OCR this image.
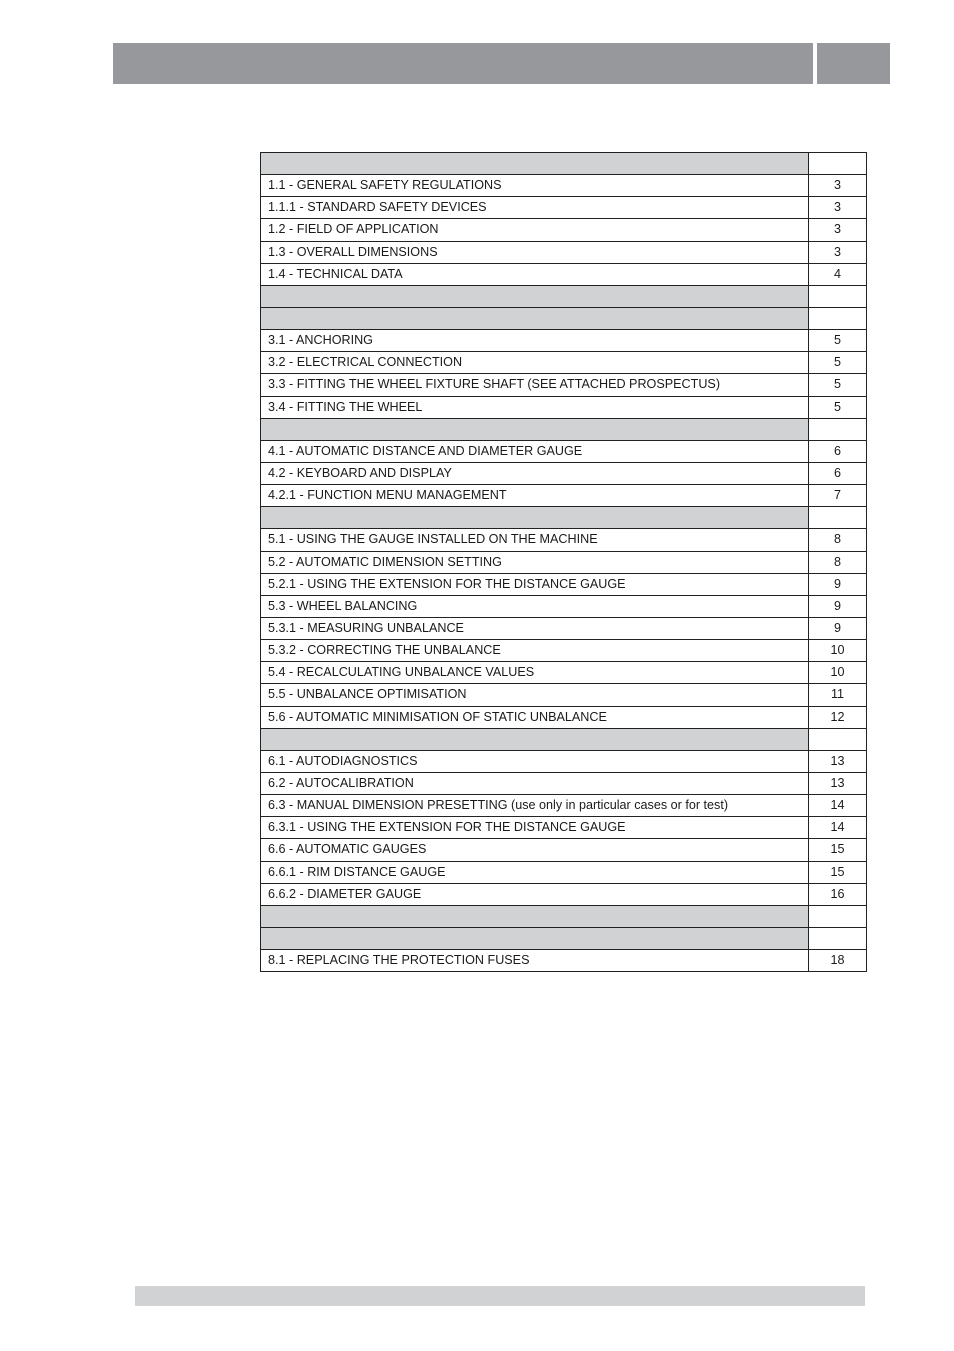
1.1 - GENERAL SAFETY REGULATIONS	3
1.1.1 - STANDARD SAFETY DEVICES	3
1.2 - FIELD OF APPLICATION	3
1.3 - OVERALL DIMENSIONS	3
1.4 - TECHNICAL DATA	4
3.1 - ANCHORING	5
3.2 - ELECTRICAL CONNECTION	5
3.3 - FITTING THE WHEEL FIXTURE SHAFT (SEE ATTACHED PROSPECTUS)	5
3.4 - FITTING THE WHEEL	5
4.1 - AUTOMATIC DISTANCE AND DIAMETER GAUGE	6
4.2 - KEYBOARD AND DISPLAY	6
4.2.1 - FUNCTION MENU MANAGEMENT	7
5.1 - USING THE GAUGE INSTALLED ON THE MACHINE	8
5.2 - AUTOMATIC DIMENSION SETTING	8
5.2.1 - USING THE EXTENSION FOR THE DISTANCE GAUGE	9
5.3 - WHEEL BALANCING	9
5.3.1 - MEASURING UNBALANCE	9
5.3.2 - CORRECTING THE UNBALANCE	10
5.4 - RECALCULATING UNBALANCE VALUES	10
5.5 - UNBALANCE OPTIMISATION	11
5.6 - AUTOMATIC MINIMISATION OF STATIC UNBALANCE	12
6.1 - AUTODIAGNOSTICS	13
6.2 - AUTOCALIBRATION	13
6.3 - MANUAL DIMENSION PRESETTING (use only in particular cases or for test)	14
6.3.1 - USING THE EXTENSION FOR THE DISTANCE GAUGE	14
6.6 - AUTOMATIC GAUGES	15
6.6.1 - RIM DISTANCE GAUGE	15
6.6.2 - DIAMETER GAUGE	16
8.1 - REPLACING THE PROTECTION FUSES	18
